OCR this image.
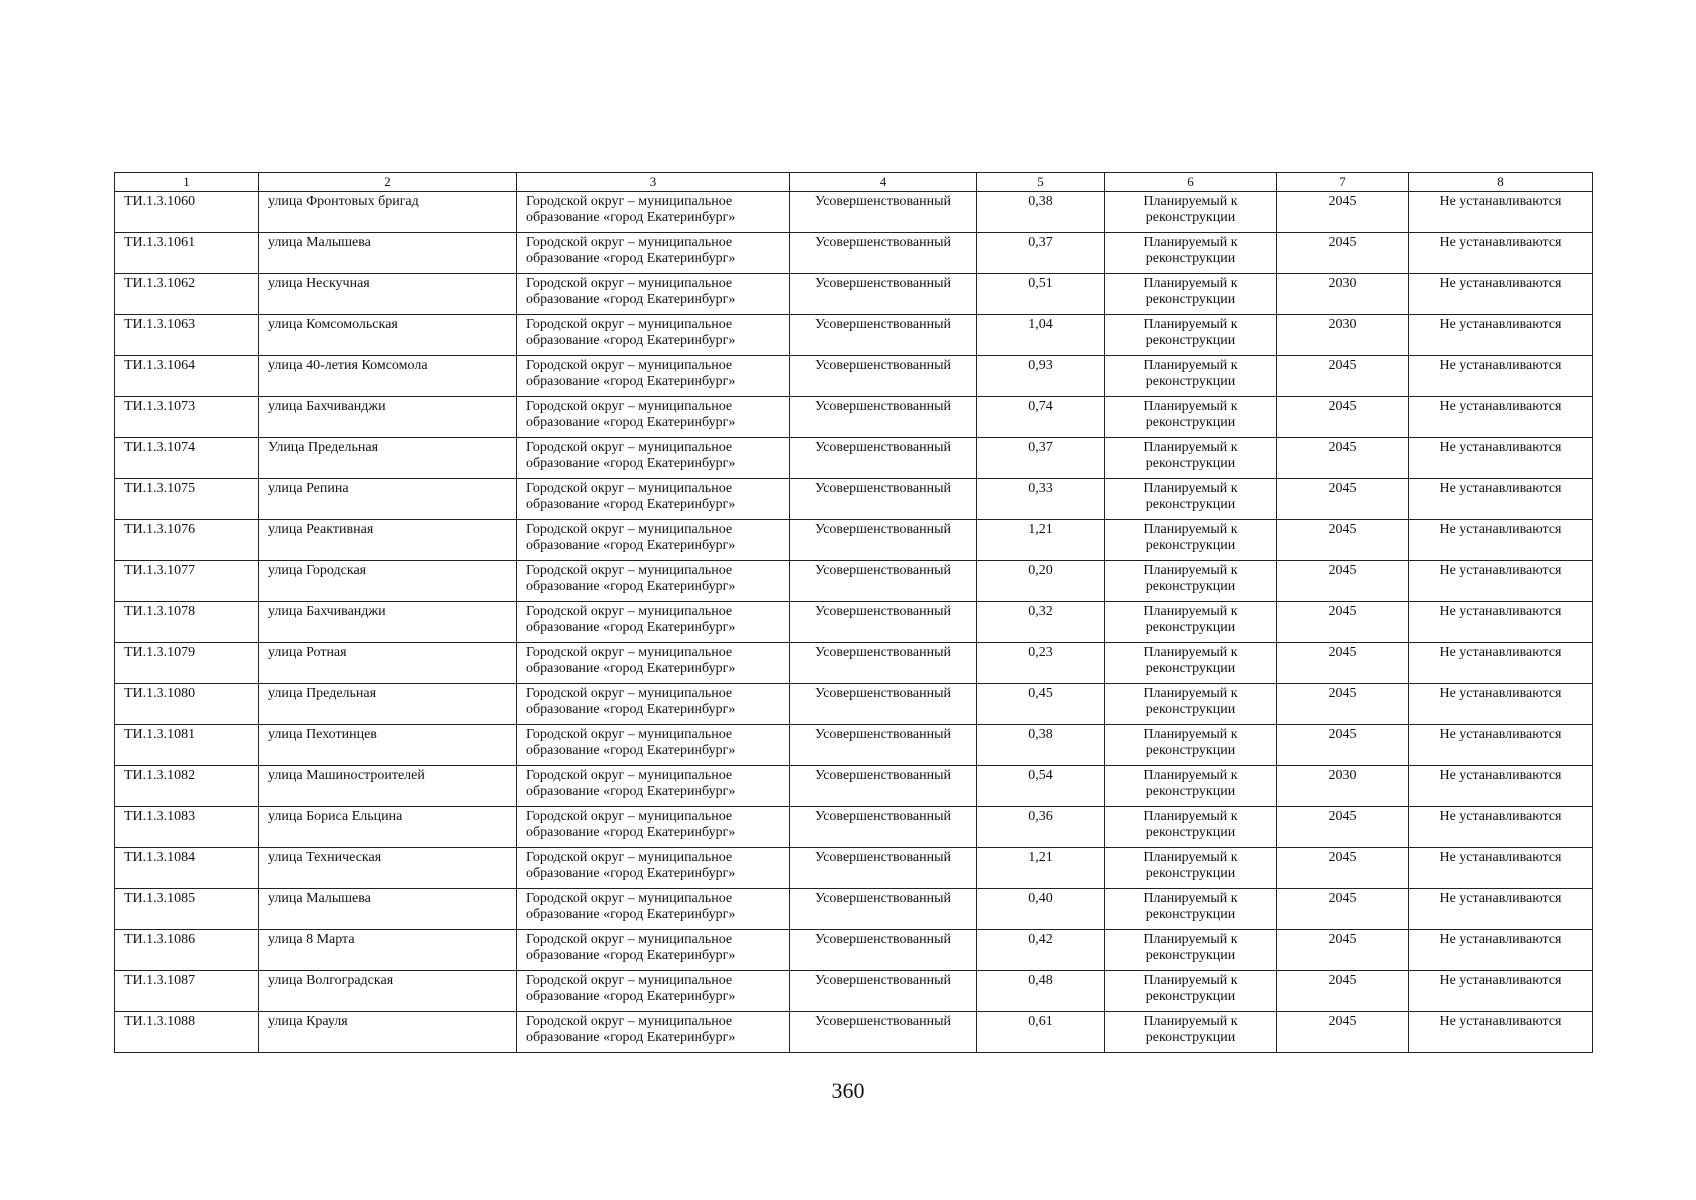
1	2	3	4	5	6	7	8
ТИ.1.3.1060	улица Фронтовых бригад	Городской округ – муниципальное образование «город Екатеринбург»	Усовершенствованный	0,38	Планируемый к реконструкции	2045	Не устанавливаются
ТИ.1.3.1061	улица Малышева	Городской округ – муниципальное образование «город Екатеринбург»	Усовершенствованный	0,37	Планируемый к реконструкции	2045	Не устанавливаются
ТИ.1.3.1062	улица Нескучная	Городской округ – муниципальное образование «город Екатеринбург»	Усовершенствованный	0,51	Планируемый к реконструкции	2030	Не устанавливаются
ТИ.1.3.1063	улица Комсомольская	Городской округ – муниципальное образование «город Екатеринбург»	Усовершенствованный	1,04	Планируемый к реконструкции	2030	Не устанавливаются
ТИ.1.3.1064	улица 40-летия Комсомола	Городской округ – муниципальное образование «город Екатеринбург»	Усовершенствованный	0,93	Планируемый к реконструкции	2045	Не устанавливаются
ТИ.1.3.1073	улица Бахчиванджи	Городской округ – муниципальное образование «город Екатеринбург»	Усовершенствованный	0,74	Планируемый к реконструкции	2045	Не устанавливаются
ТИ.1.3.1074	Улица Предельная	Городской округ – муниципальное образование «город Екатеринбург»	Усовершенствованный	0,37	Планируемый к реконструкции	2045	Не устанавливаются
ТИ.1.3.1075	улица Репина	Городской округ – муниципальное образование «город Екатеринбург»	Усовершенствованный	0,33	Планируемый к реконструкции	2045	Не устанавливаются
ТИ.1.3.1076	улица Реактивная	Городской округ – муниципальное образование «город Екатеринбург»	Усовершенствованный	1,21	Планируемый к реконструкции	2045	Не устанавливаются
ТИ.1.3.1077	улица Городская	Городской округ – муниципальное образование «город Екатеринбург»	Усовершенствованный	0,20	Планируемый к реконструкции	2045	Не устанавливаются
ТИ.1.3.1078	улица Бахчиванджи	Городской округ – муниципальное образование «город Екатеринбург»	Усовершенствованный	0,32	Планируемый к реконструкции	2045	Не устанавливаются
ТИ.1.3.1079	улица Ротная	Городской округ – муниципальное образование «город Екатеринбург»	Усовершенствованный	0,23	Планируемый к реконструкции	2045	Не устанавливаются
ТИ.1.3.1080	улица Предельная	Городской округ – муниципальное образование «город Екатеринбург»	Усовершенствованный	0,45	Планируемый к реконструкции	2045	Не устанавливаются
ТИ.1.3.1081	улица Пехотинцев	Городской округ – муниципальное образование «город Екатеринбург»	Усовершенствованный	0,38	Планируемый к реконструкции	2045	Не устанавливаются
ТИ.1.3.1082	улица Машиностроителей	Городской округ – муниципальное образование «город Екатеринбург»	Усовершенствованный	0,54	Планируемый к реконструкции	2030	Не устанавливаются
ТИ.1.3.1083	улица Бориса Ельцина	Городской округ – муниципальное образование «город Екатеринбург»	Усовершенствованный	0,36	Планируемый к реконструкции	2045	Не устанавливаются
ТИ.1.3.1084	улица Техническая	Городской округ – муниципальное образование «город Екатеринбург»	Усовершенствованный	1,21	Планируемый к реконструкции	2045	Не устанавливаются
ТИ.1.3.1085	улица Малышева	Городской округ – муниципальное образование «город Екатеринбург»	Усовершенствованный	0,40	Планируемый к реконструкции	2045	Не устанавливаются
ТИ.1.3.1086	улица 8 Марта	Городской округ – муниципальное образование «город Екатеринбург»	Усовершенствованный	0,42	Планируемый к реконструкции	2045	Не устанавливаются
ТИ.1.3.1087	улица Волгоградская	Городской округ – муниципальное образование «город Екатеринбург»	Усовершенствованный	0,48	Планируемый к реконструкции	2045	Не устанавливаются
ТИ.1.3.1088	улица Крауля	Городской округ – муниципальное образование «город Екатеринбург»	Усовершенствованный	0,61	Планируемый к реконструкции	2045	Не устанавливаются
360
